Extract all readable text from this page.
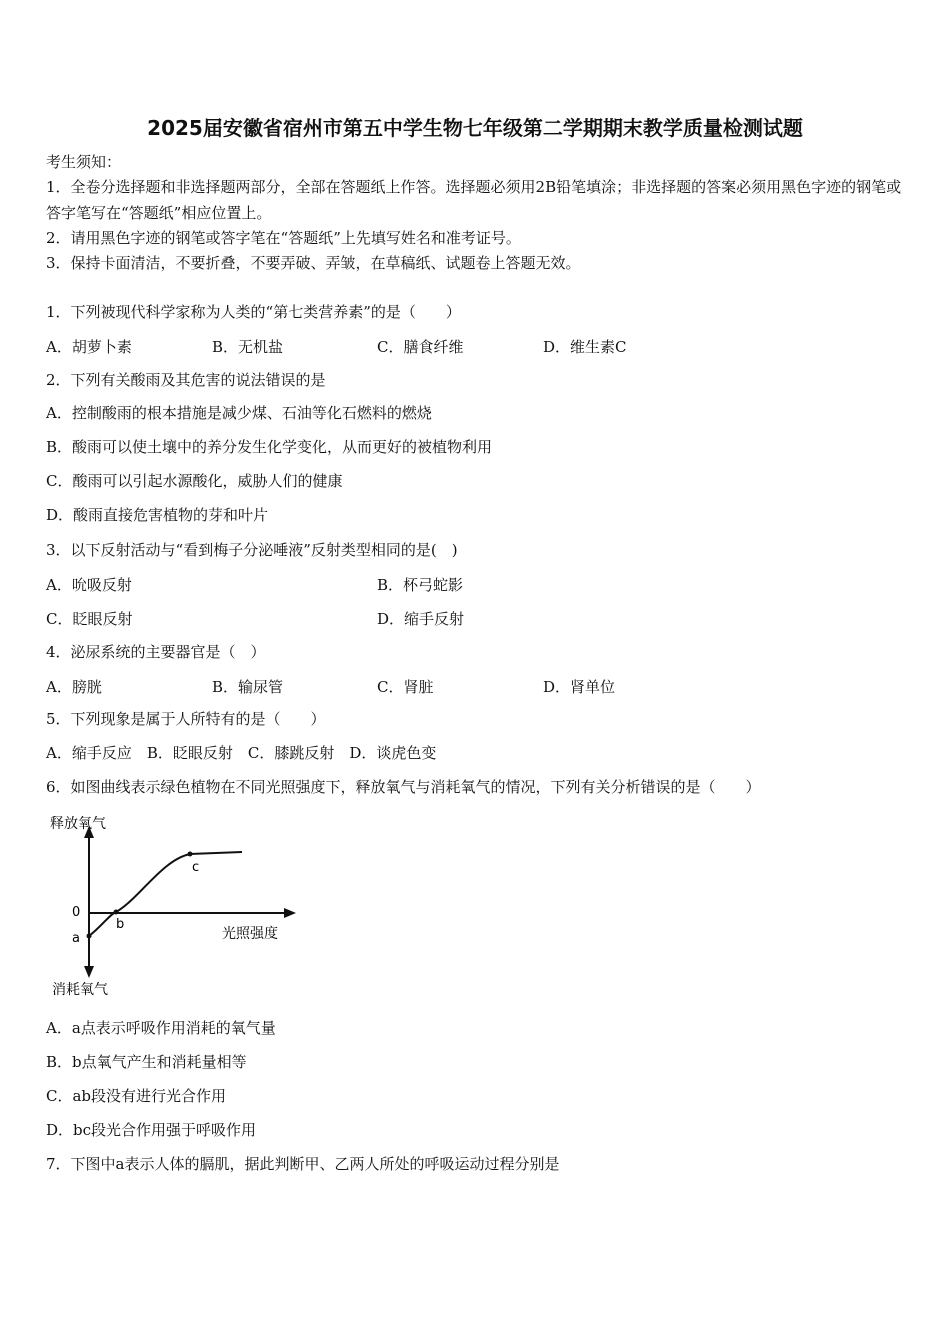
2025届安徽省宿州市第五中学生物七年级第二学期期末教学质量检测试题
考生须知：
1．全卷分选择题和非选择题两部分，全部在答题纸上作答。选择题必须用2B铅笔填涂；非选择题的答案必须用黑色字迹的钢笔或答字笔写在“答题纸”相应位置上。
2．请用黑色字迹的钢笔或答字笔在“答题纸”上先填写姓名和准考证号。
3．保持卡面清洁，不要折叠，不要弄破、弄皱，在草稿纸、试题卷上答题无效。
1．下列被现代科学家称为人类的“第七类营养素”的是（　　）
A．胡萝卜素	B．无机盐	C．膳食纤维	D．维生素C
2．下列有关酸雨及其危害的说法错误的是
A．控制酸雨的根本措施是减少煤、石油等化石燃料的燃烧
B．酸雨可以使土壤中的养分发生化学变化，从而更好的被植物利用
C．酸雨可以引起水源酸化，威胁人们的健康
D．酸雨直接危害植物的芽和叶片
3．以下反射活动与“看到梅子分泌唾液”反射类型相同的是(　)
A．吮吸反射	B．杯弓蛇影
C．眨眼反射	D．缩手反射
4．泌尿系统的主要器官是（　）
A．膀胱	B．输尿管	C．肾脏	D．肾单位
5．下列现象是属于人所特有的是（　　）
A．缩手反应　B．眨眼反射　C．膝跳反射　D．谈虎色变
6．如图曲线表示绿色植物在不同光照强度下，释放氧气与消耗氧气的情况，下列有关分析错误的是（　　）
释放氧气
消耗氧气
光照强度
0
a
b
c
A．a点表示呼吸作用消耗的氧气量
B．b点氧气产生和消耗量相等
C．ab段没有进行光合作用
D．bc段光合作用强于呼吸作用
7．下图中a表示人体的膈肌，据此判断甲、乙两人所处的呼吸运动过程分别是
